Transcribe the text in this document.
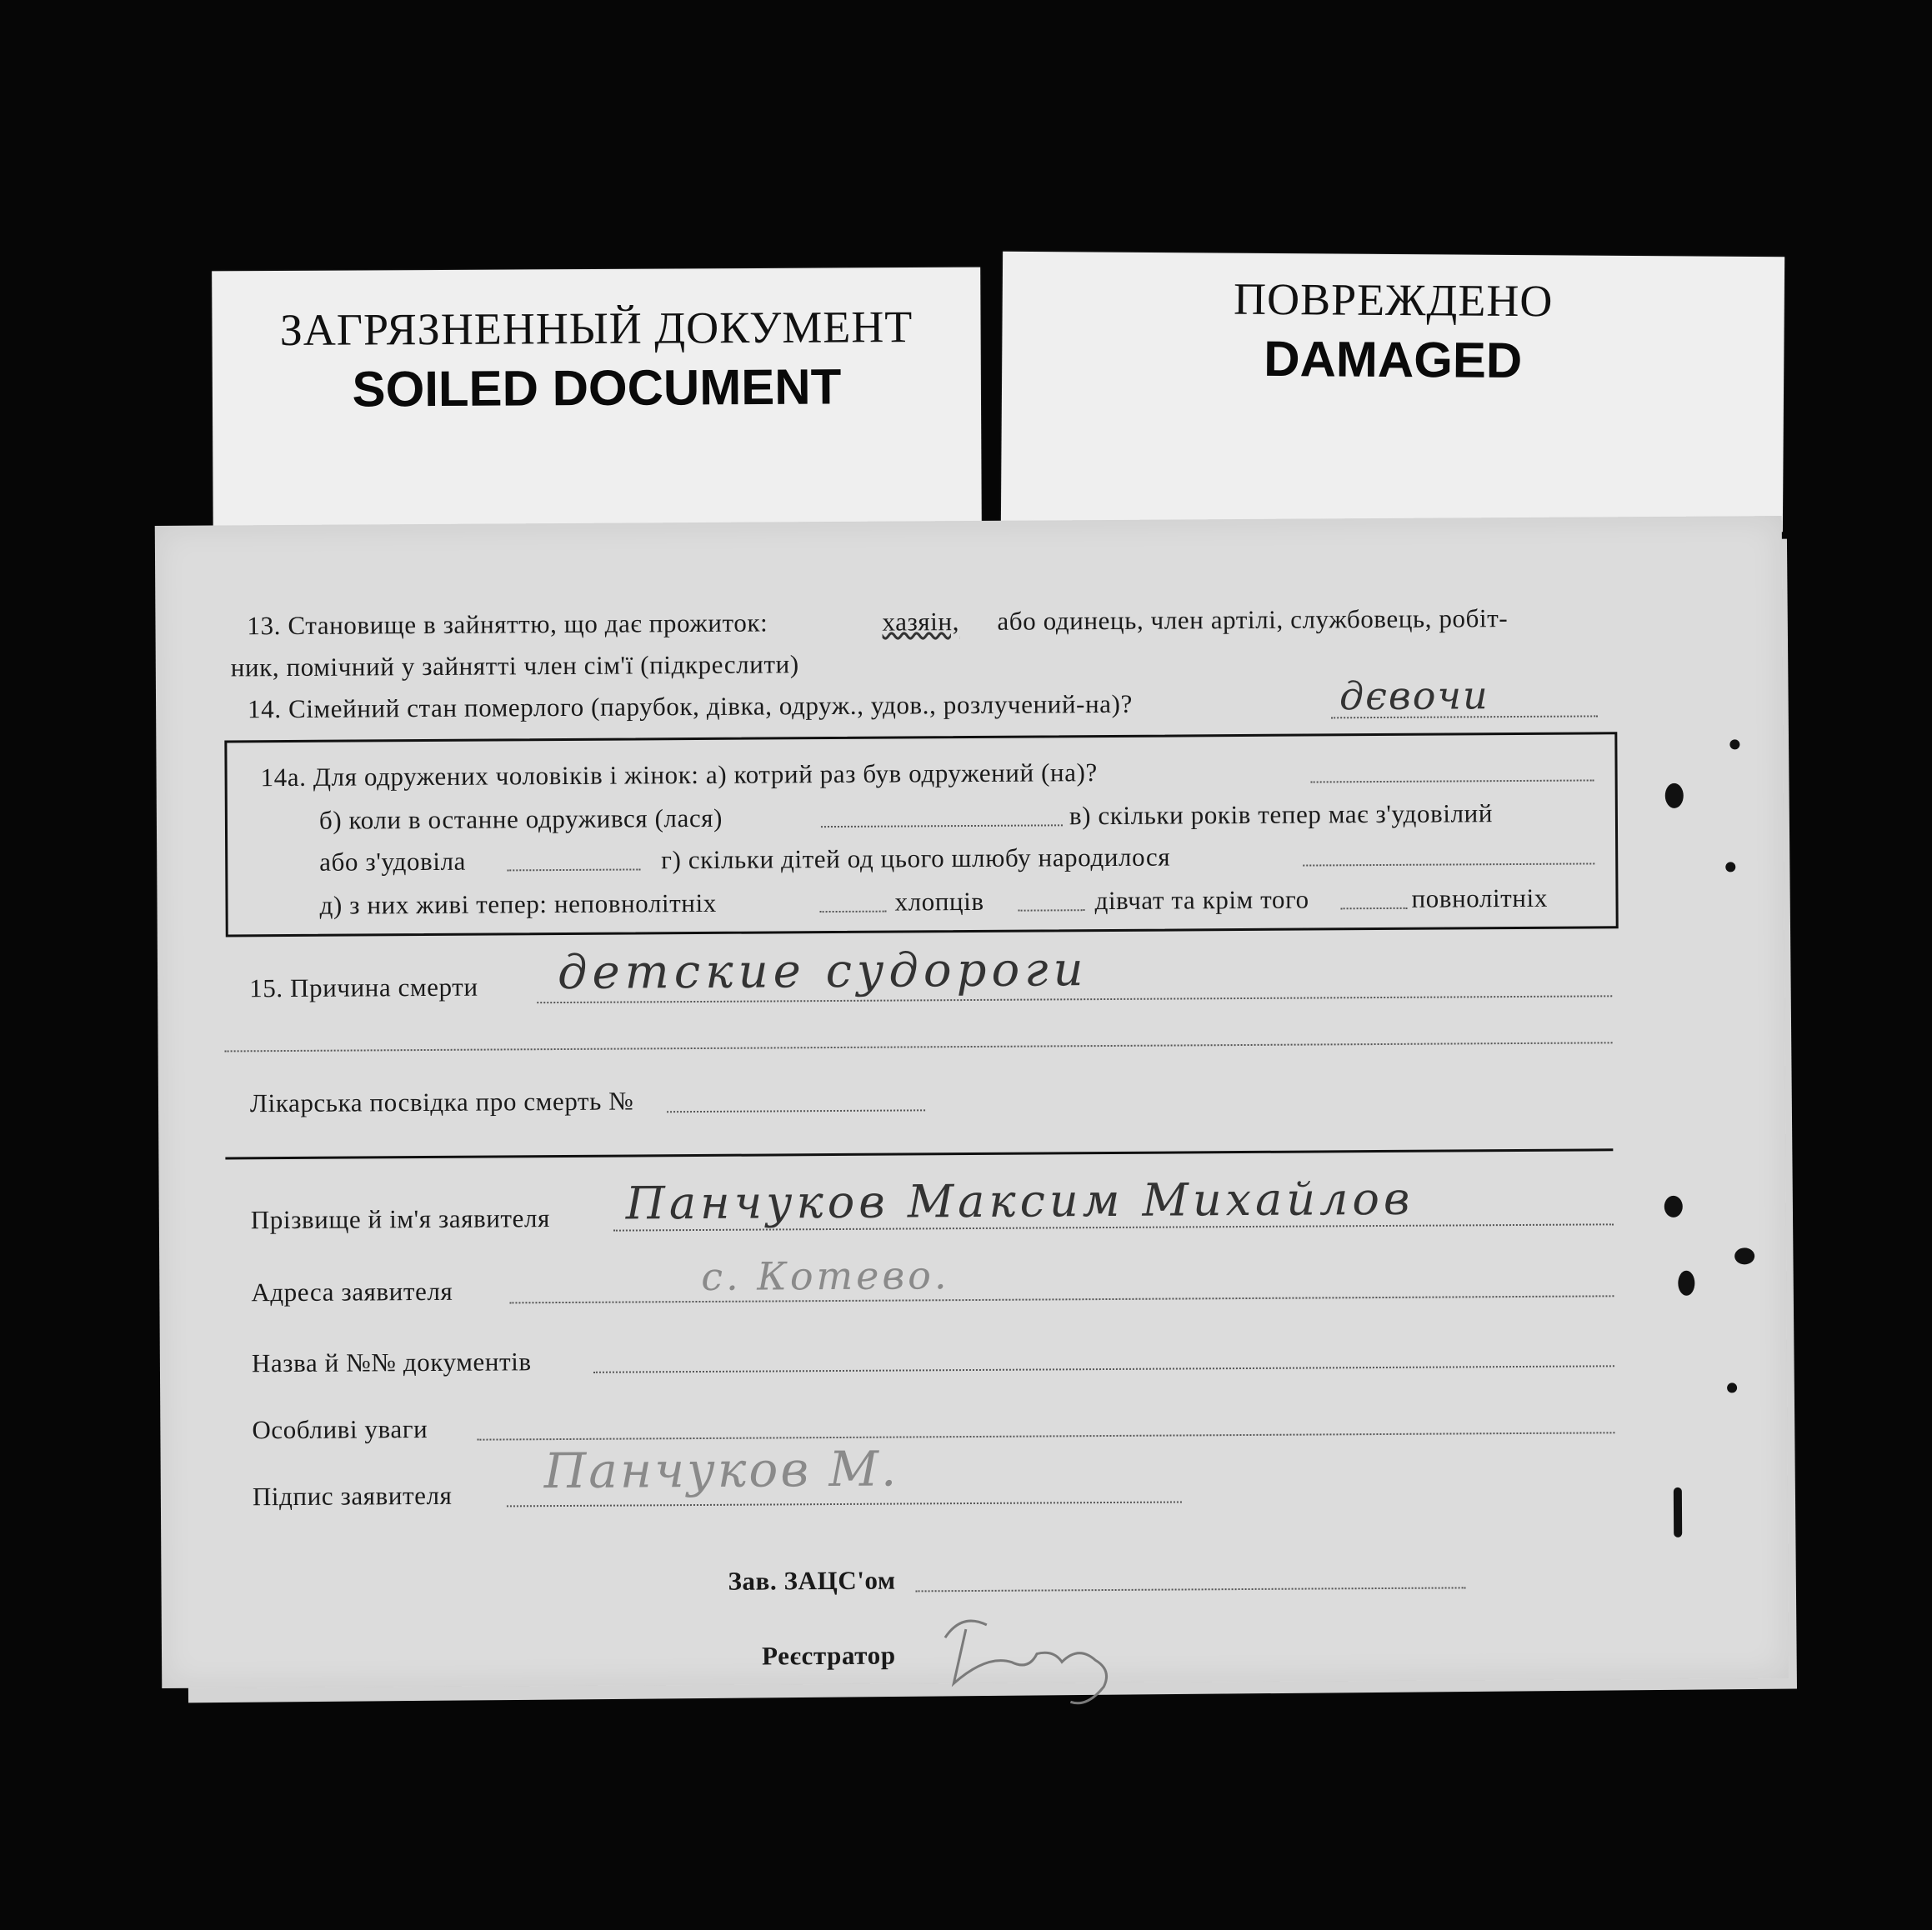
ЗАГРЯЗНЕННЫЙ ДОКУМЕНТ
SOILED DOCUMENT
ПОВРЕЖДЕНО
DAMAGED
13. Становище в зайняттю, що дає прожиток:	хазяін, або одинець, член артілі, службовець, робіт-
ник, помічний у зайнятті член сім'ї (підкреслити)
14. Сімейний стан померлого (парубок, дівка, одруж., удов., розлучений-на)?	дєвочи
14а. Для одружених чоловіків і жінок: а) котрий раз був одружений (на)?
б) коли в останне одружився (лася)	в) скільки років тепер має з'удовілий
або з'удовіла	г) скільки дітей од цього шлюбу народилося
д) з них живі тепер: неповнолітніх	хлопців	дівчат та крім того	повнолітніх
15. Причина смерти детские судороги
Лікарська посвідка про смерть №
Прізвище й ім'я заявителя Панчуков Максим Михайлов
Адреса заявителя	с. Котево.
Назва й №№ документів
Особливі уваги
Підпис заявителя Панчуков М.
Зав. ЗАЦС'ом
Реєстратор
